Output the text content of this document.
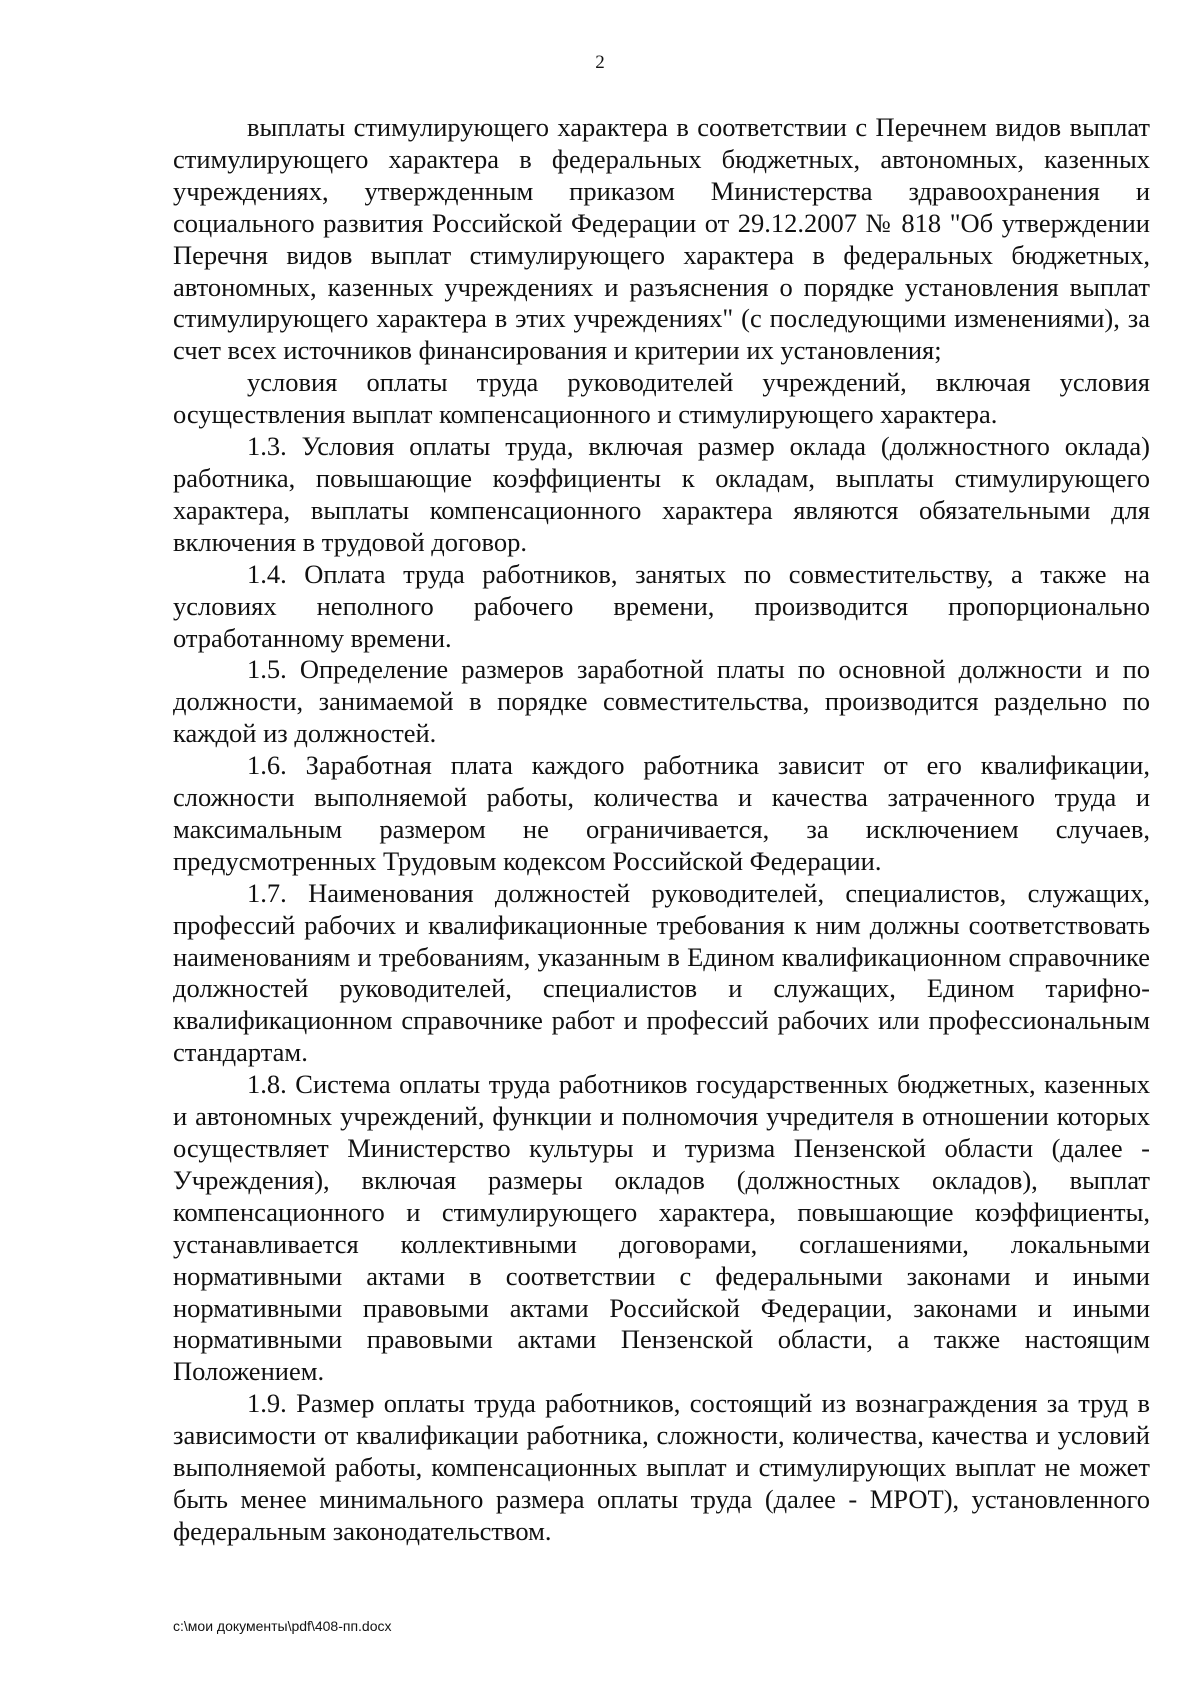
2

выплаты стимулирующего характера в соответствии с Перечнем видов выплат стимулирующего характера в федеральных бюджетных, автономных, казенных учреждениях, утвержденным приказом Министерства здравоохранения и социального развития Российской Федерации от 29.12.2007 № 818 "Об утверждении Перечня видов выплат стимулирующего характера в федеральных бюджетных, автономных, казенных учреждениях и разъяснения о порядке установления выплат стимулирующего характера в этих учреждениях" (с последующими изменениями), за счет всех источников финансирования и критерии их установления;

условия оплаты труда руководителей учреждений, включая условия осуществления выплат компенсационного и стимулирующего характера.

1.3. Условия оплаты труда, включая размер оклада (должностного оклада) работника, повышающие коэффициенты к окладам, выплаты стимулирующего характера, выплаты компенсационного характера являются обязательными для включения в трудовой договор.

1.4. Оплата труда работников, занятых по совместительству, а также на условиях неполного рабочего времени, производится пропорционально отработанному времени.

1.5. Определение размеров заработной платы по основной должности и по должности, занимаемой в порядке совместительства, производится раздельно по каждой из должностей.

1.6. Заработная плата каждого работника зависит от его квалификации, сложности выполняемой работы, количества и качества затраченного труда и максимальным размером не ограничивается, за исключением случаев, предусмотренных Трудовым кодексом Российской Федерации.

1.7. Наименования должностей руководителей, специалистов, служащих, профессий рабочих и квалификационные требования к ним должны соответствовать наименованиям и требованиям, указанным в Едином квалификационном справочнике должностей руководителей, специалистов и служащих, Едином тарифно-квалификационном справочнике работ и профессий рабочих или профессиональным стандартам.

1.8. Система оплаты труда работников государственных бюджетных, казенных и автономных учреждений, функции и полномочия учредителя в отношении которых осуществляет Министерство культуры и туризма Пензенской области (далее - Учреждения), включая размеры окладов (должностных окладов), выплат компенсационного и стимулирующего характера, повышающие коэффициенты, устанавливается коллективными договорами, соглашениями, локальными нормативными актами в соответствии с федеральными законами и иными нормативными правовыми актами Российской Федерации, законами и иными нормативными правовыми актами Пензенской области, а также настоящим Положением.

1.9. Размер оплаты труда работников, состоящий из вознаграждения за труд в зависимости от квалификации работника, сложности, количества, качества и условий выполняемой работы, компенсационных выплат и стимулирующих выплат не может быть менее минимального размера оплаты труда (далее - МРОТ), установленного федеральным законодательством.

c:\мои документы\pdf\408-пп.docx
